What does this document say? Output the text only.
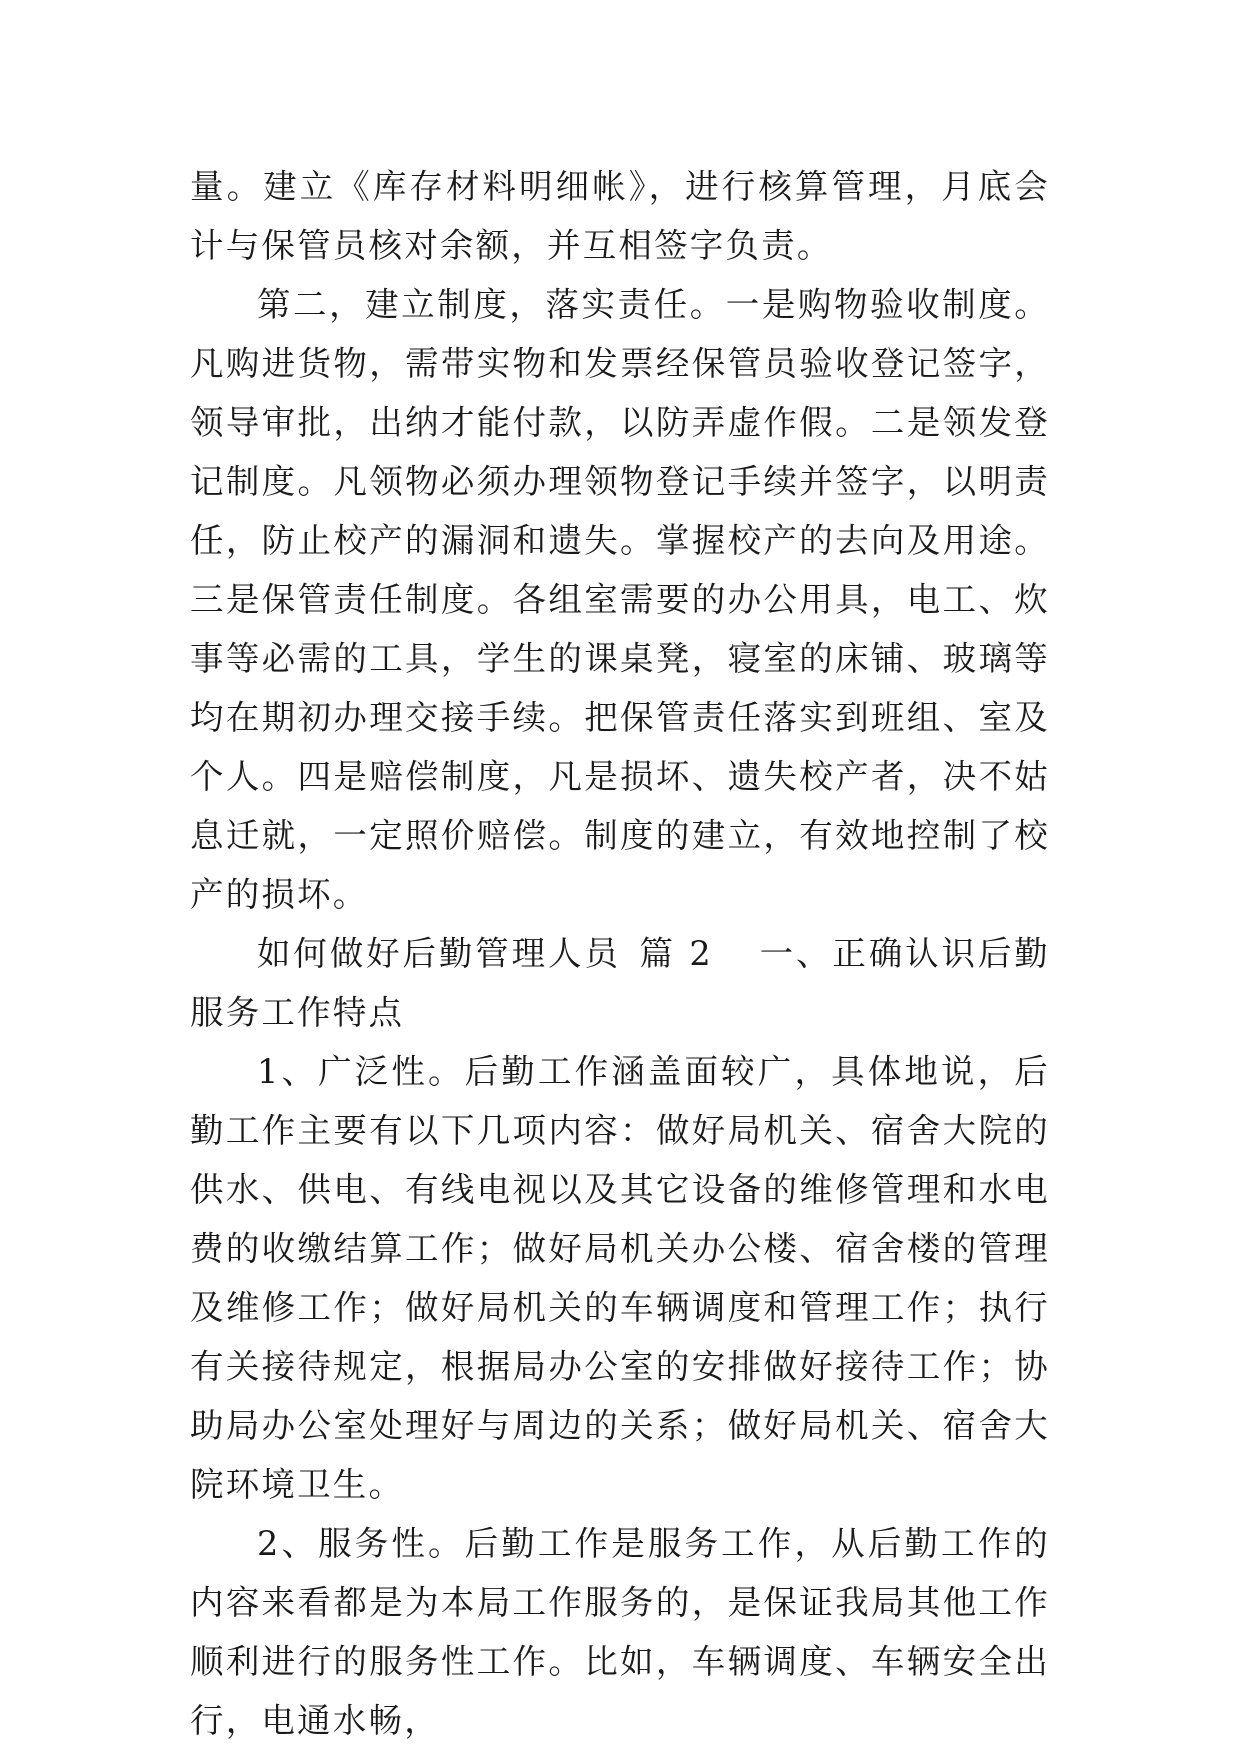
量。建立《库存材料明细帐》，进行核算管理，月底会计与保管员核对余额，并互相签字负责。

第二，建立制度，落实责任。一是购物验收制度。凡购进货物，需带实物和发票经保管员验收登记签字，领导审批，出纳才能付款，以防弄虚作假。二是领发登记制度。凡领物必须办理领物登记手续并签字，以明责任，防止校产的漏洞和遗失。掌握校产的去向及用途。三是保管责任制度。各组室需要的办公用具，电工、炊事等必需的工具，学生的课桌凳，寝室的床铺、玻璃等均在期初办理交接手续。把保管责任落实到班组、室及个人。四是赔偿制度，凡是损坏、遗失校产者，决不姑息迁就，一定照价赔偿。制度的建立，有效地控制了校产的损坏。

如何做好后勤管理人员 篇 2 一、正确认识后勤服务工作特点

1、广泛性。后勤工作涵盖面较广，具体地说，后勤工作主要有以下几项内容：做好局机关、宿舍大院的供水、供电、有线电视以及其它设备的维修管理和水电费的收缴结算工作；做好局机关办公楼、宿舍楼的管理及维修工作；做好局机关的车辆调度和管理工作；执行有关接待规定，根据局办公室的安排做好接待工作；协助局办公室处理好与周边的关系；做好局机关、宿舍大院环境卫生。

2、服务性。后勤工作是服务工作，从后勤工作的内容来看都是为本局工作服务的，是保证我局其他工作顺利进行的服务性工作。比如，车辆调度、车辆安全出行，电通水畅，
